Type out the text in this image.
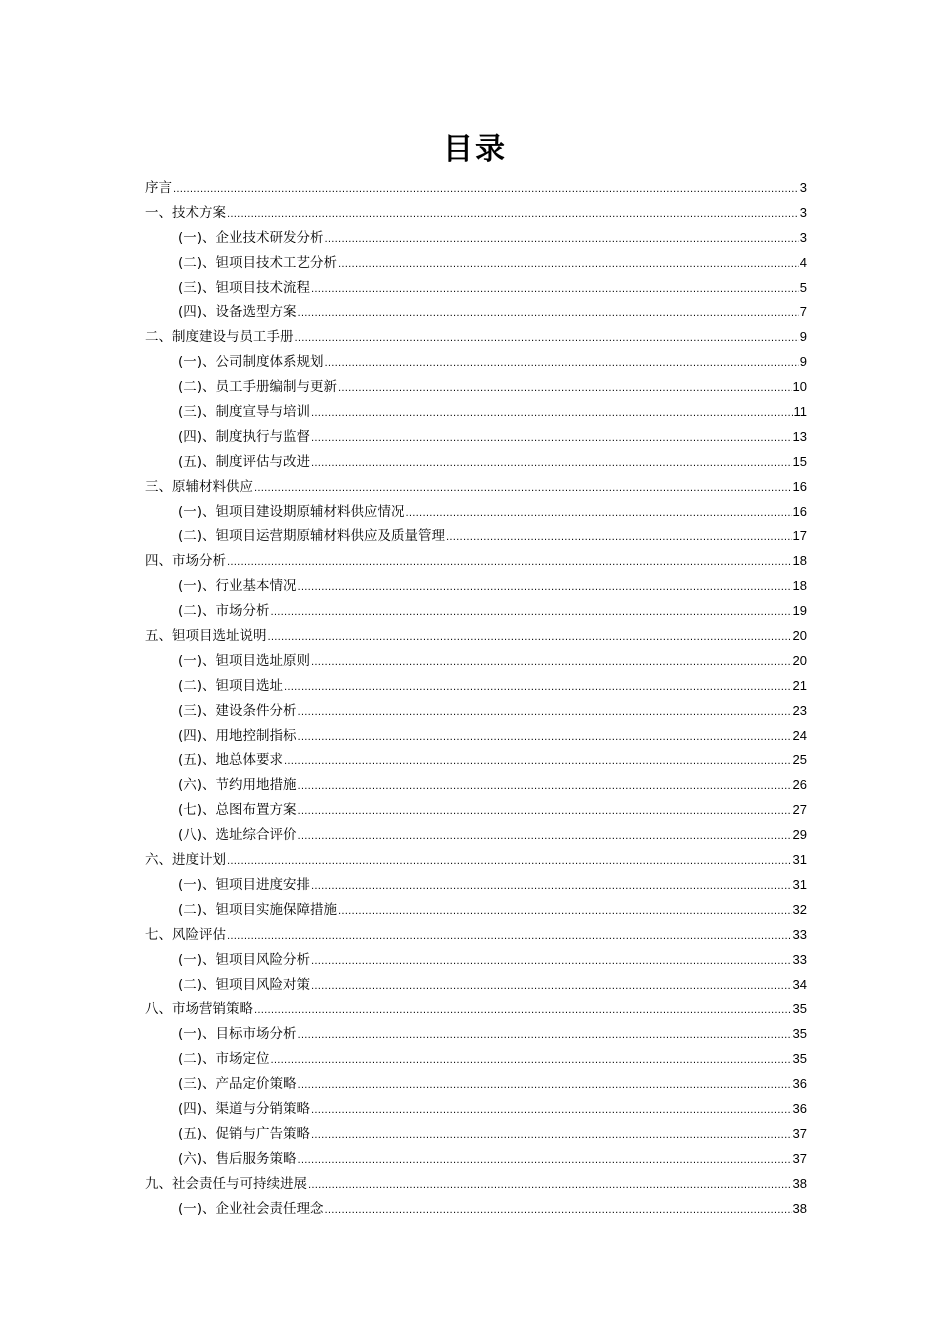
目录
序言 .....	3
一、技术方案 .....	3
(一)、企业技术研发分析 .....	3
(二)、钽项目技术工艺分析 .....	4
(三)、钽项目技术流程 .....	5
(四)、设备选型方案 .....	7
二、制度建设与员工手册 .....	9
(一)、公司制度体系规划 .....	9
(二)、员工手册编制与更新 .....	10
(三)、制度宣导与培训 .....	11
(四)、制度执行与监督 .....	13
(五)、制度评估与改进 .....	15
三、原辅材料供应 .....	16
(一)、钽项目建设期原辅材料供应情况 .....	16
(二)、钽项目运营期原辅材料供应及质量管理 .....	17
四、市场分析 .....	18
(一)、行业基本情况 .....	18
(二)、市场分析 .....	19
五、钽项目选址说明 .....	20
(一)、钽项目选址原则 .....	20
(二)、钽项目选址 .....	21
(三)、建设条件分析 .....	23
(四)、用地控制指标 .....	24
(五)、地总体要求 .....	25
(六)、节约用地措施 .....	26
(七)、总图布置方案 .....	27
(八)、选址综合评价 .....	29
六、进度计划 .....	31
(一)、钽项目进度安排 .....	31
(二)、钽项目实施保障措施 .....	32
七、风险评估 .....	33
(一)、钽项目风险分析 .....	33
(二)、钽项目风险对策 .....	34
八、市场营销策略 .....	35
(一)、目标市场分析 .....	35
(二)、市场定位 .....	35
(三)、产品定价策略 .....	36
(四)、渠道与分销策略 .....	36
(五)、促销与广告策略 .....	37
(六)、售后服务策略 .....	37
九、社会责任与可持续进展 .....	38
(一)、企业社会责任理念 .....	38
